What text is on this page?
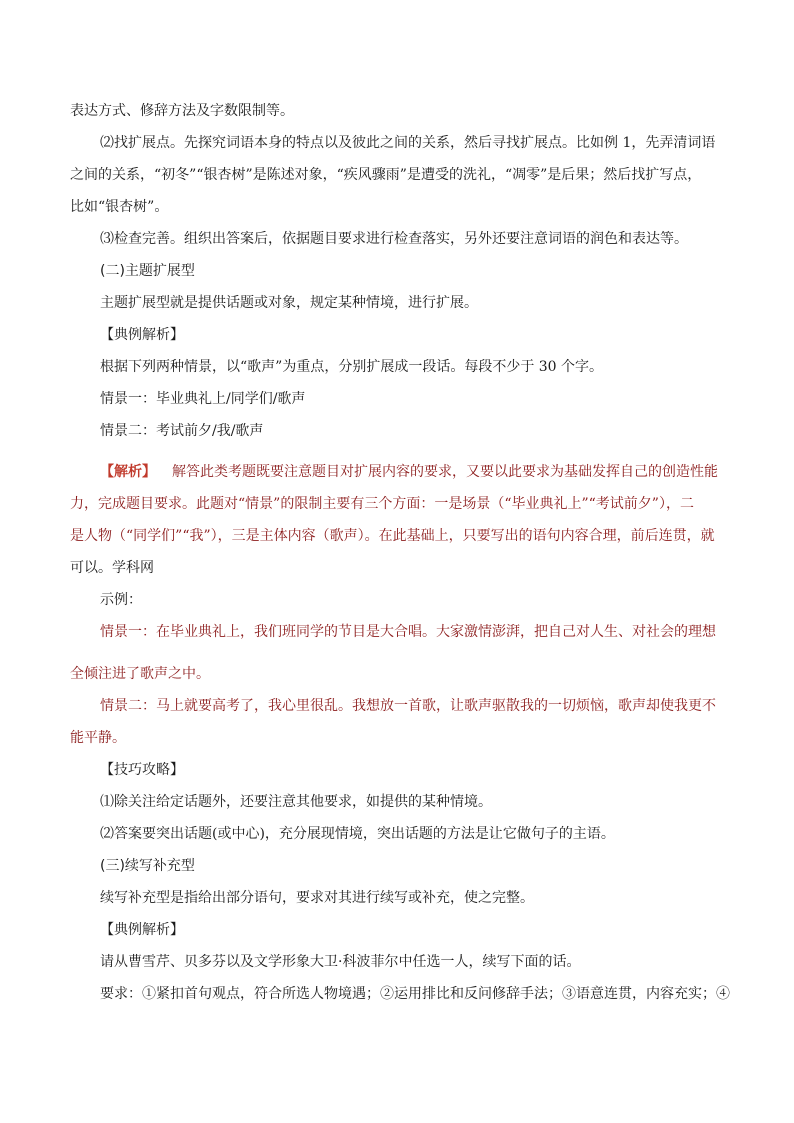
表达方式、修辞方法及字数限制等。
⑵找扩展点。先探究词语本身的特点以及彼此之间的关系，然后寻找扩展点。比如例 1，先弄清词语
之间的关系，“初冬”“银杏树”是陈述对象，“疾风骤雨”是遭受的洗礼，“凋零”是后果；然后找扩写点，
比如“银杏树”。
⑶检查完善。组织出答案后，依据题目要求进行检查落实，另外还要注意词语的润色和表达等。
(二)主题扩展型
主题扩展型就是提供话题或对象，规定某种情境，进行扩展。
【典例解析】
根据下列两种情景，以“歌声”为重点，分别扩展成一段话。每段不少于 30 个字。
情景一：毕业典礼上/同学们/歌声
情景二：考试前夕/我/歌声
【解析】 解答此类考题既要注意题目对扩展内容的要求，又要以此要求为基础发挥自己的创造性能
力，完成题目要求。此题对“情景”的限制主要有三个方面：一是场景（“毕业典礼上”“考试前夕”），二
是人物（“同学们”“我”），三是主体内容（歌声）。在此基础上，只要写出的语句内容合理，前后连贯，就
可以。学科网
示例：
情景一：在毕业典礼上，我们班同学的节目是大合唱。大家激情澎湃，把自己对人生、对社会的理想
全倾注进了歌声之中。
情景二：马上就要高考了，我心里很乱。我想放一首歌，让歌声驱散我的一切烦恼，歌声却使我更不
能平静。
【技巧攻略】
⑴除关注给定话题外，还要注意其他要求，如提供的某种情境。
⑵答案要突出话题(或中心)，充分展现情境，突出话题的方法是让它做句子的主语。
(三)续写补充型
续写补充型是指给出部分语句，要求对其进行续写或补充，使之完整。
【典例解析】
请从曹雪芹、贝多芬以及文学形象大卫·科波菲尔中任选一人，续写下面的话。
要求：①紧扣首句观点，符合所选人物境遇；②运用排比和反问修辞手法；③语意连贯，内容充实；④
